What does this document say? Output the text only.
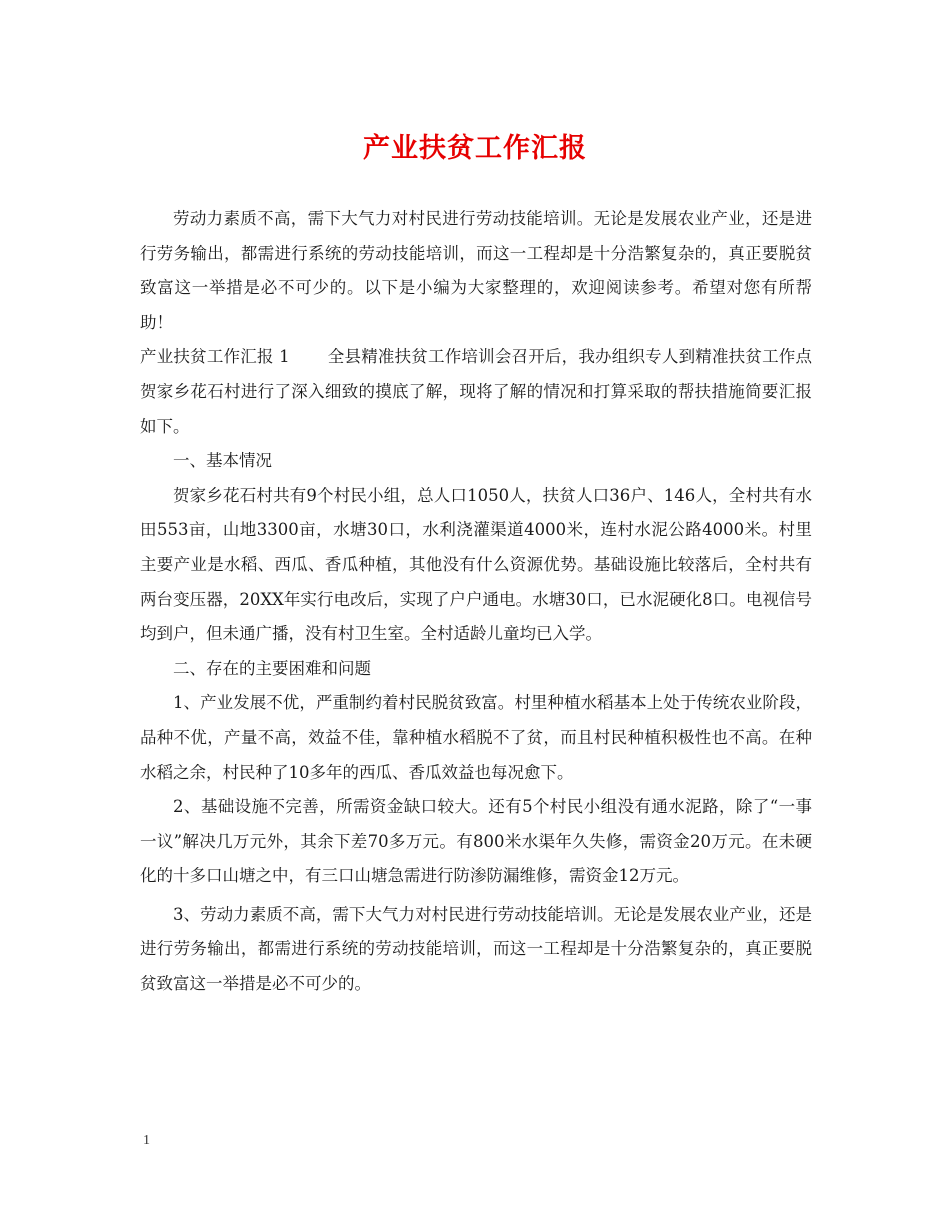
产业扶贫工作汇报

劳动力素质不高，需下大气力对村民进行劳动技能培训。无论是发展农业产业，还是进行劳务输出，都需进行系统的劳动技能培训，而这一工程却是十分浩繁复杂的，真正要脱贫致富这一举措是必不可少的。以下是小编为大家整理的，欢迎阅读参考。希望对您有所帮助！

产业扶贫工作汇报 1 全县精准扶贫工作培训会召开后，我办组织专人到精准扶贫工作点贺家乡花石村进行了深入细致的摸底了解，现将了解的情况和打算采取的帮扶措施简要汇报如下。

一、基本情况

贺家乡花石村共有9个村民小组，总人口1050人，扶贫人口36户、146人，全村共有水田553亩，山地3300亩，水塘30口，水利浇灌渠道4000米，连村水泥公路4000米。村里主要产业是水稻、西瓜、香瓜种植，其他没有什么资源优势。基础设施比较落后，全村共有两台变压器，20XX年实行电改后，实现了户户通电。水塘30口，已水泥硬化8口。电视信号均到户，但未通广播，没有村卫生室。全村适龄儿童均已入学。

二、存在的主要困难和问题

1、产业发展不优，严重制约着村民脱贫致富。村里种植水稻基本上处于传统农业阶段，品种不优，产量不高，效益不佳，靠种植水稻脱不了贫，而且村民种植积极性也不高。在种水稻之余，村民种了10多年的西瓜、香瓜效益也每况愈下。

2、基础设施不完善，所需资金缺口较大。还有5个村民小组没有通水泥路，除了“一事一议”解决几万元外，其余下差70多万元。有800米水渠年久失修，需资金20万元。在未硬化的十多口山塘之中，有三口山塘急需进行防渗防漏维修，需资金12万元。

3、劳动力素质不高，需下大气力对村民进行劳动技能培训。无论是发展农业产业，还是进行劳务输出，都需进行系统的劳动技能培训，而这一工程却是十分浩繁复杂的，真正要脱贫致富这一举措是必不可少的。

1
